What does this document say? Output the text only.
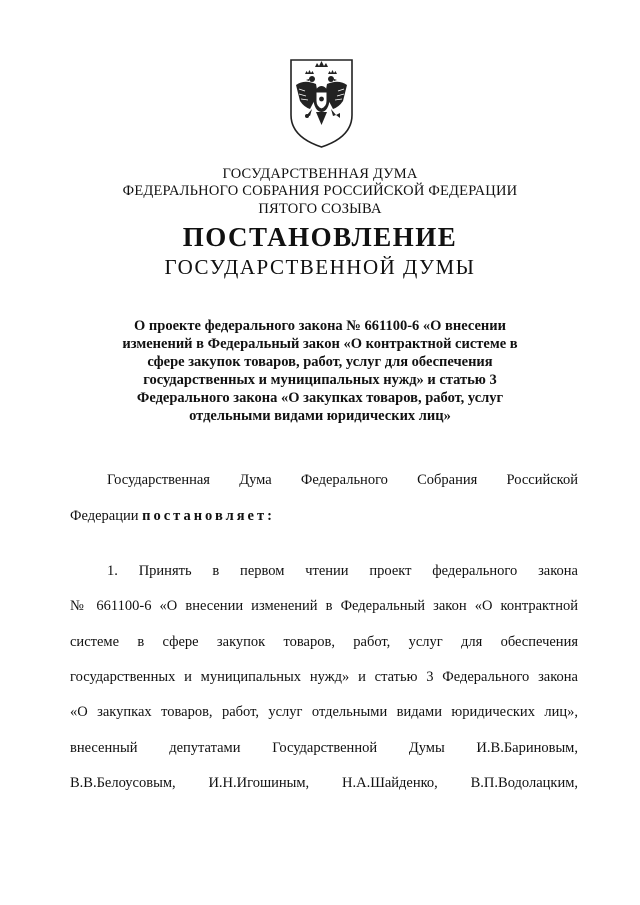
ГОСУДАРСТВЕННАЯ ДУМА
ФЕДЕРАЛЬНОГО СОБРАНИЯ РОССИЙСКОЙ ФЕДЕРАЦИИ
ПЯТОГО СОЗЫВА
ПОСТАНОВЛЕНИЕ
ГОСУДАРСТВЕННОЙ ДУМЫ
О проекте федерального закона № 661100-6 «О внесении
изменений в Федеральный закон «О контрактной системе в
сфере закупок товаров, работ, услуг для обеспечения
государственных и муниципальных нужд» и статью 3
Федерального закона «О закупках товаров, работ, услуг
отдельными видами юридических лиц»
Государственная Дума Федерального Собрания Российской
Федерации постановляет:
1. Принять в первом чтении проект федерального закона
№ 661100-6 «О внесении изменений в Федеральный закон «О контрактной
системе в сфере закупок товаров, работ, услуг для обеспечения
государственных и муниципальных нужд» и статью 3 Федерального закона
«О закупках товаров, работ, услуг отдельными видами юридических лиц»,
внесенный депутатами Государственной Думы И.В.Бариновым,
В.В.Белоусовым, И.Н.Игошиным, Н.А.Шайденко, В.П.Водолацким,
